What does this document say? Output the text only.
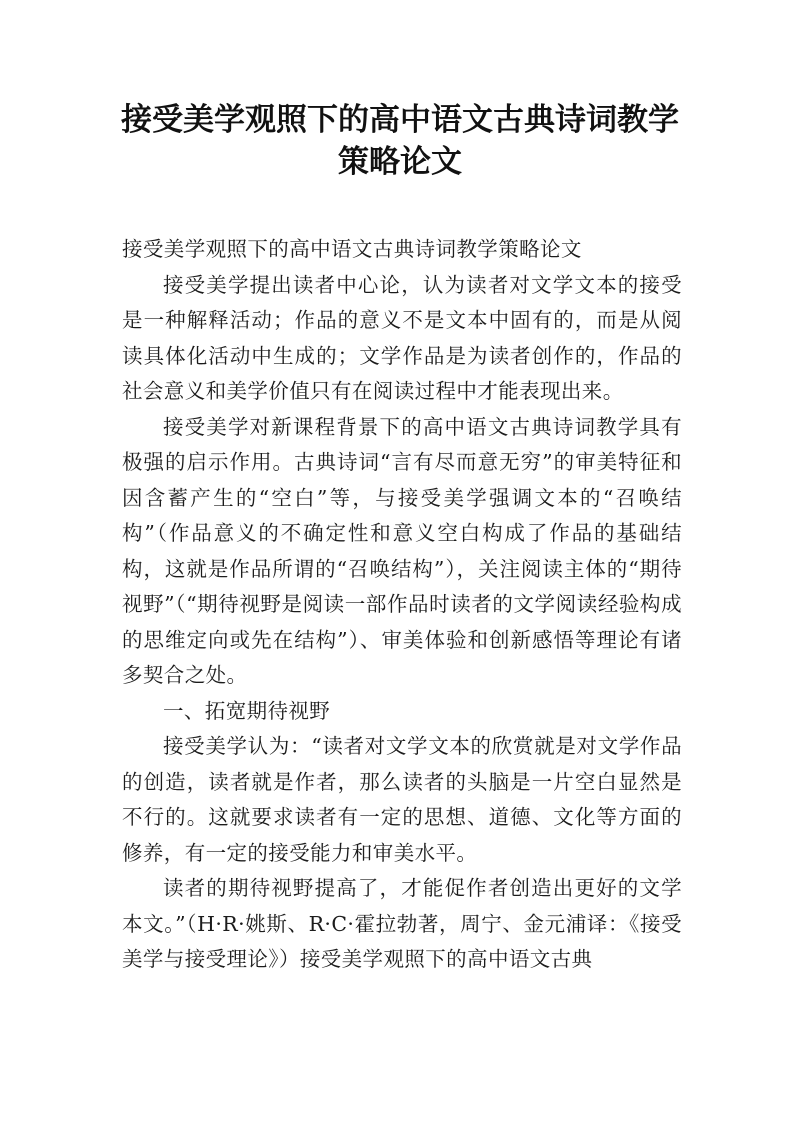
接受美学观照下的高中语文古典诗词教学
策略论文

接受美学观照下的高中语文古典诗词教学策略论文

接受美学提出读者中心论，认为读者对文学文本的接受是一种解释活动；作品的意义不是文本中固有的，而是从阅读具体化活动中生成的；文学作品是为读者创作的，作品的社会意义和美学价值只有在阅读过程中才能表现出来。

接受美学对新课程背景下的高中语文古典诗词教学具有极强的启示作用。古典诗词“言有尽而意无穷”的审美特征和因含蓄产生的“空白”等，与接受美学强调文本的“召唤结构”（作品意义的不确定性和意义空白构成了作品的基础结构，这就是作品所谓的“召唤结构”），关注阅读主体的“期待视野”（“期待视野是阅读一部作品时读者的文学阅读经验构成的思维定向或先在结构”）、审美体验和创新感悟等理论有诸多契合之处。

一、拓宽期待视野

接受美学认为：“读者对文学文本的欣赏就是对文学作品的创造，读者就是作者，那么读者的头脑是一片空白显然是不行的。这就要求读者有一定的思想、道德、文化等方面的修养，有一定的接受能力和审美水平。

读者的期待视野提高了，才能促作者创造出更好的文学本文。”（H·R·姚斯、R·C·霍拉勃著，周宁、金元浦译：《接受美学与接受理论》）接受美学观照下的高中语文古典
